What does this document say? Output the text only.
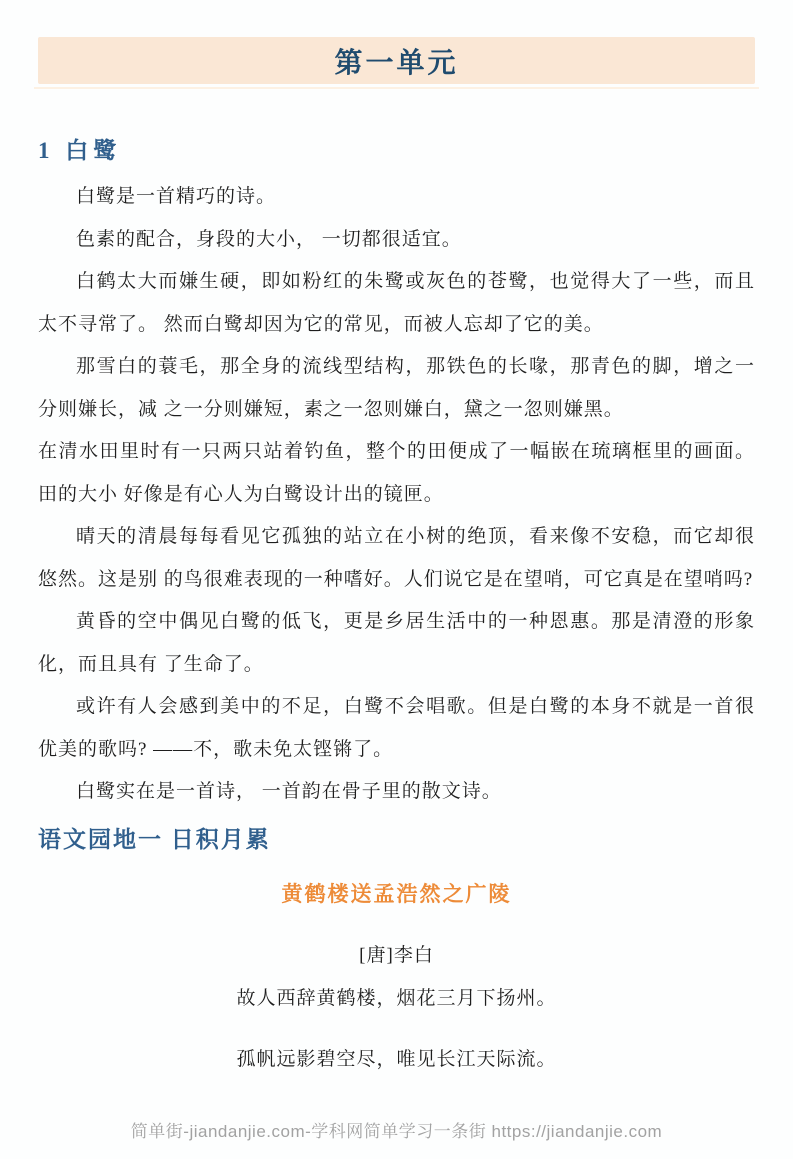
第一单元
1 白鹭

白鹭是一首精巧的诗。

色素的配合，身段的大小， 一切都很适宜。

白鹤太大而嫌生硬，即如粉红的朱鹭或灰色的苍鹭，也觉得大了一些，而且太不寻常了。 然而白鹭却因为它的常见，而被人忘却了它的美。

那雪白的蓑毛，那全身的流线型结构，那铁色的长喙，那青色的脚，增之一分则嫌长，减 之一分则嫌短，素之一忽则嫌白，黛之一忽则嫌黑。

在清水田里时有一只两只站着钓鱼，整个的田便成了一幅嵌在琉璃框里的画面。田的大小 好像是有心人为白鹭设计出的镜匣。

晴天的清晨每每看见它孤独的站立在小树的绝顶，看来像不安稳，而它却很悠然。这是别 的鸟很难表现的一种嗜好。人们说它是在望哨，可它真是在望哨吗?

黄昏的空中偶见白鹭的低飞，更是乡居生活中的一种恩惠。那是清澄的形象化，而且具有 了生命了。

或许有人会感到美中的不足，白鹭不会唱歌。但是白鹭的本身不就是一首很优美的歌吗? ——不，歌未免太铿锵了。

白鹭实在是一首诗， 一首韵在骨子里的散文诗。

语文园地一 日积月累
黄鹤楼送孟浩然之广陵
[唐]李白

故人西辞黄鹤楼，烟花三月下扬州。

孤帆远影碧空尽，唯见长江天际流。

简单街-jiandanjie.com-学科网简单学习一条街 https://jiandanjie.com
